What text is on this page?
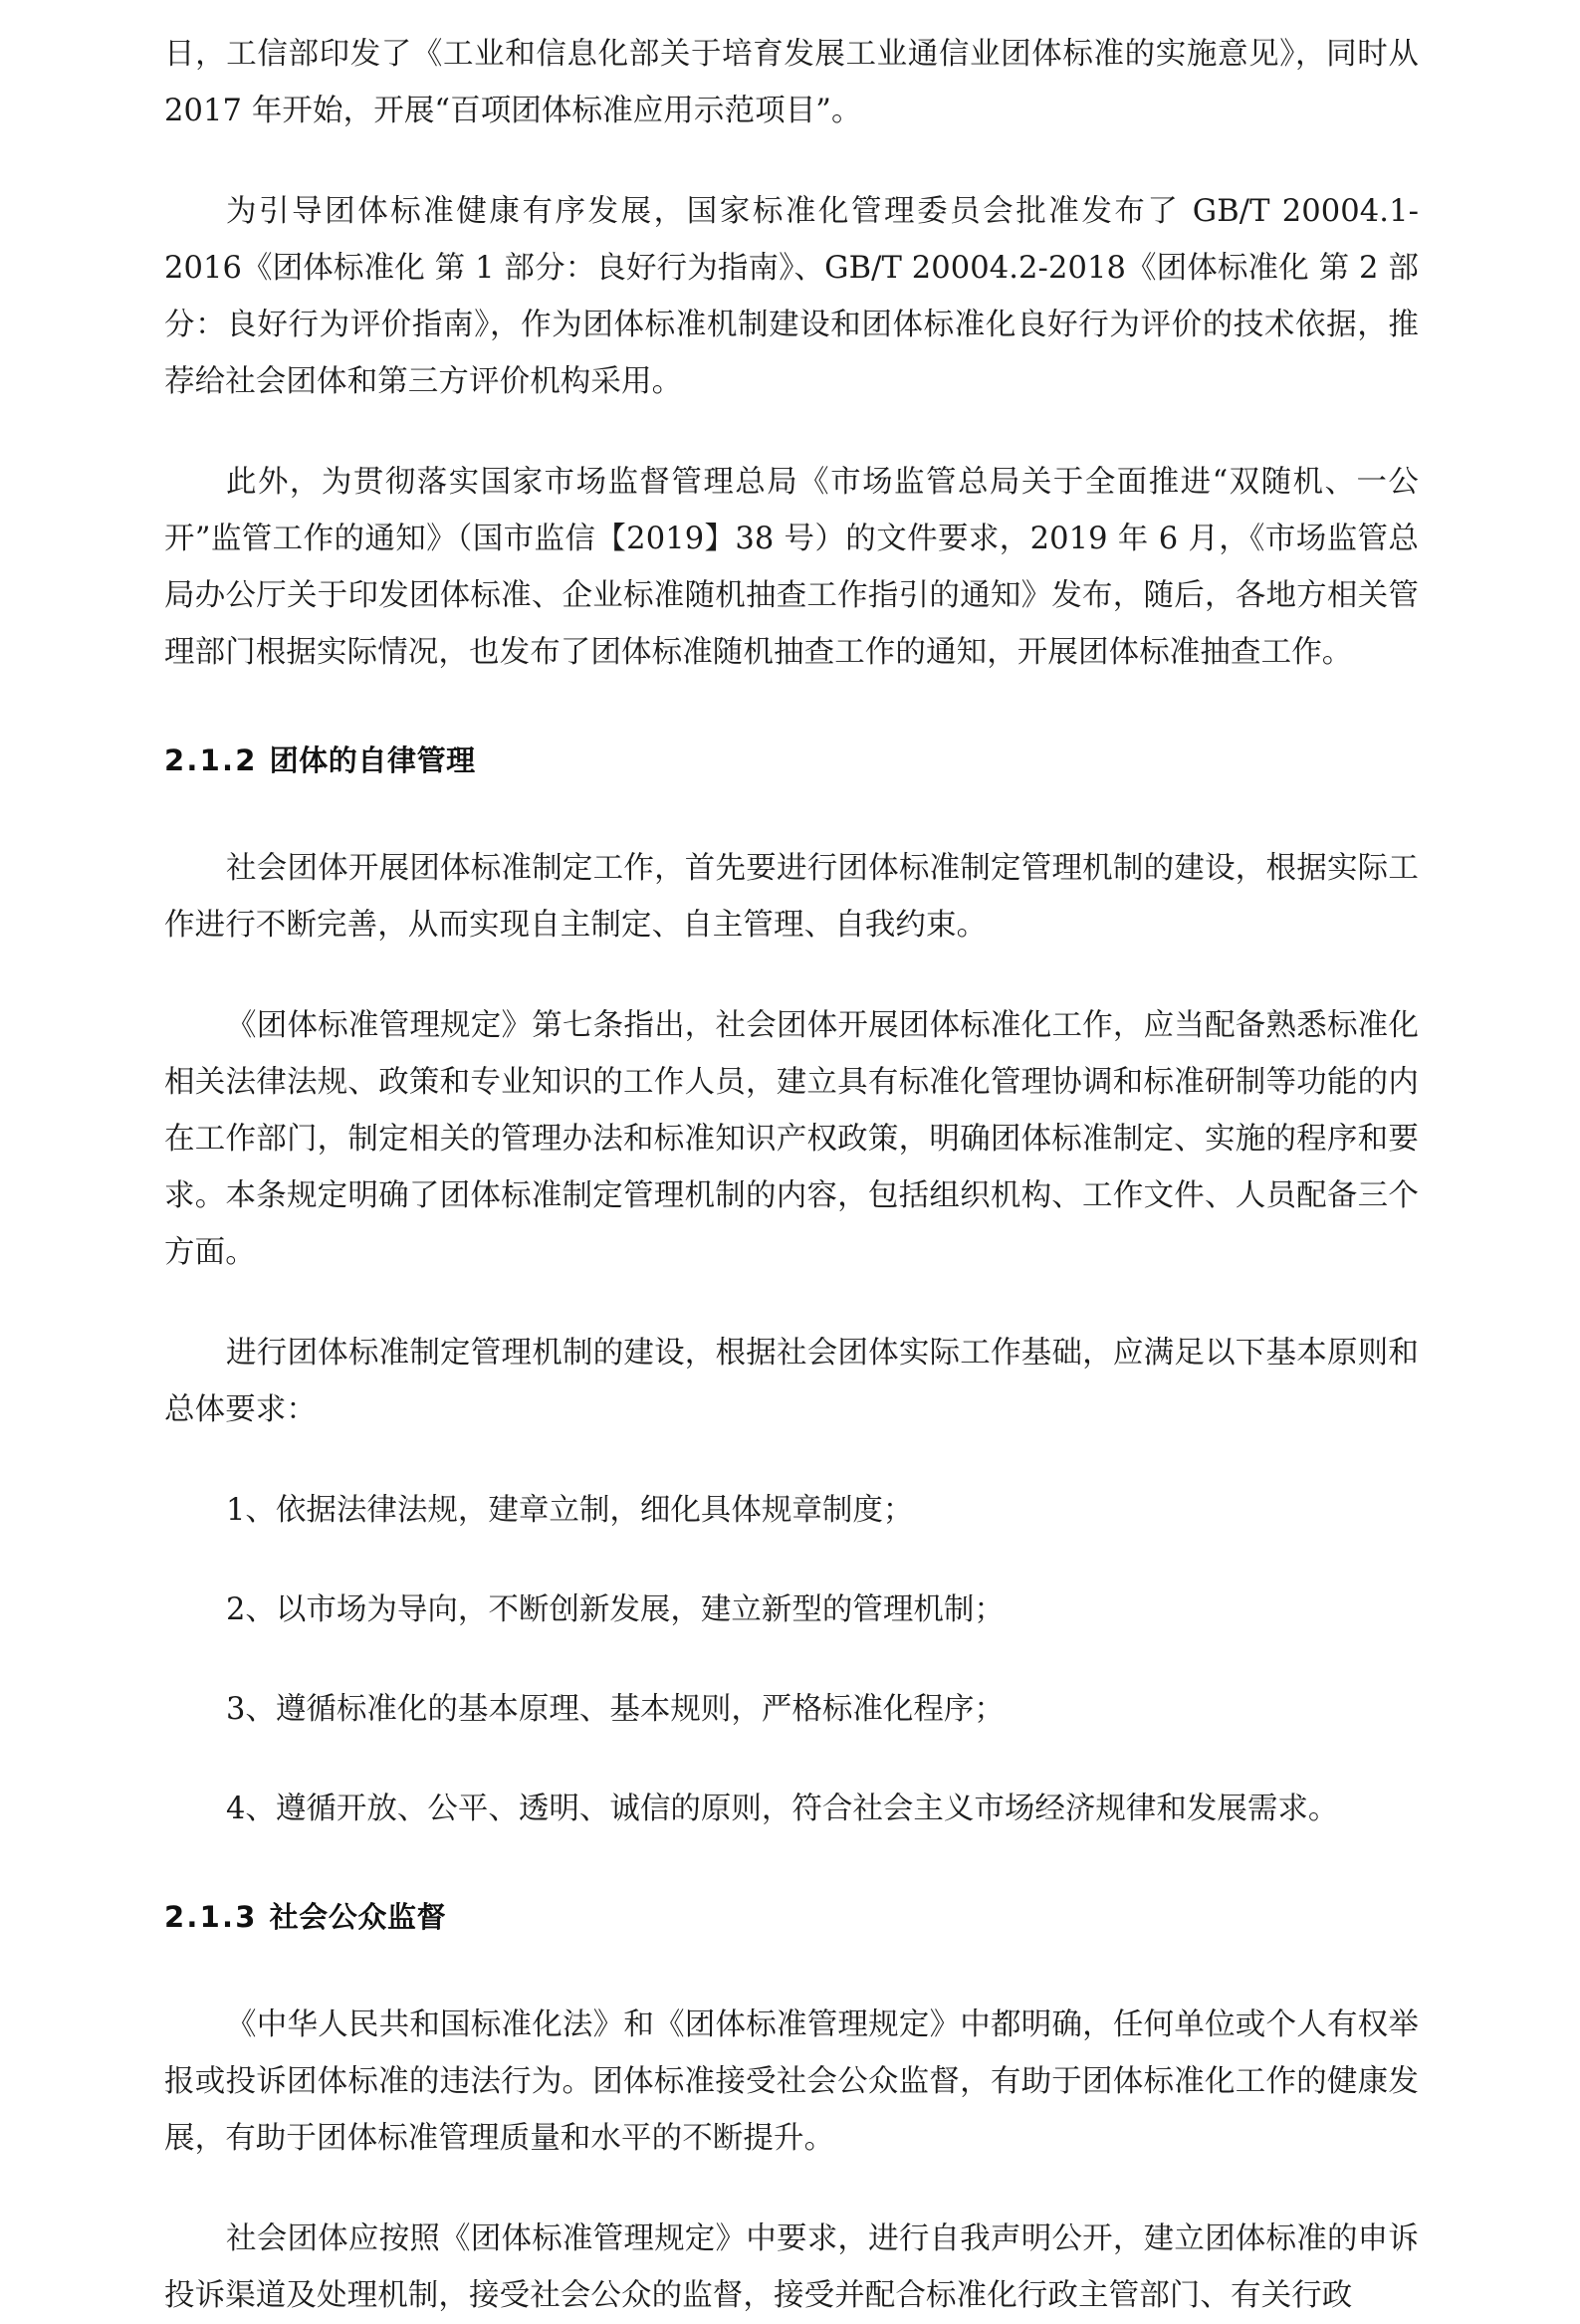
日，工信部印发了《工业和信息化部关于培育发展工业通信业团体标准的实施意见》，同时从 2017 年开始，开展“百项团体标准应用示范项目”。

为引导团体标准健康有序发展，国家标准化管理委员会批准发布了 GB/T 20004.1-2016《团体标准化 第 1 部分：良好行为指南》、GB/T 20004.2-2018《团体标准化 第 2 部分：良好行为评价指南》，作为团体标准机制建设和团体标准化良好行为评价的技术依据，推荐给社会团体和第三方评价机构采用。

此外，为贯彻落实国家市场监督管理总局《市场监管总局关于全面推进“双随机、一公开”监管工作的通知》（国市监信【2019】38 号）的文件要求，2019 年 6 月，《市场监管总局办公厅关于印发团体标准、企业标准随机抽查工作指引的通知》发布，随后，各地方相关管理部门根据实际情况，也发布了团体标准随机抽查工作的通知，开展团体标准抽查工作。

2.1.2 团体的自律管理

社会团体开展团体标准制定工作，首先要进行团体标准制定管理机制的建设，根据实际工作进行不断完善，从而实现自主制定、自主管理、自我约束。

《团体标准管理规定》第七条指出，社会团体开展团体标准化工作，应当配备熟悉标准化相关法律法规、政策和专业知识的工作人员，建立具有标准化管理协调和标准研制等功能的内在工作部门，制定相关的管理办法和标准知识产权政策，明确团体标准制定、实施的程序和要求。本条规定明确了团体标准制定管理机制的内容，包括组织机构、工作文件、人员配备三个方面。

进行团体标准制定管理机制的建设，根据社会团体实际工作基础，应满足以下基本原则和总体要求：

1、依据法律法规，建章立制，细化具体规章制度；
2、以市场为导向，不断创新发展，建立新型的管理机制；
3、遵循标准化的基本原理、基本规则，严格标准化程序；
4、遵循开放、公平、透明、诚信的原则，符合社会主义市场经济规律和发展需求。
2.1.3 社会公众监督

《中华人民共和国标准化法》和《团体标准管理规定》中都明确，任何单位或个人有权举报或投诉团体标准的违法行为。团体标准接受社会公众监督，有助于团体标准化工作的健康发展，有助于团体标准管理质量和水平的不断提升。

社会团体应按照《团体标准管理规定》中要求，进行自我声明公开，建立团体标准的申诉投诉渠道及处理机制，接受社会公众的监督，接受并配合标准化行政主管部门、有关行政
